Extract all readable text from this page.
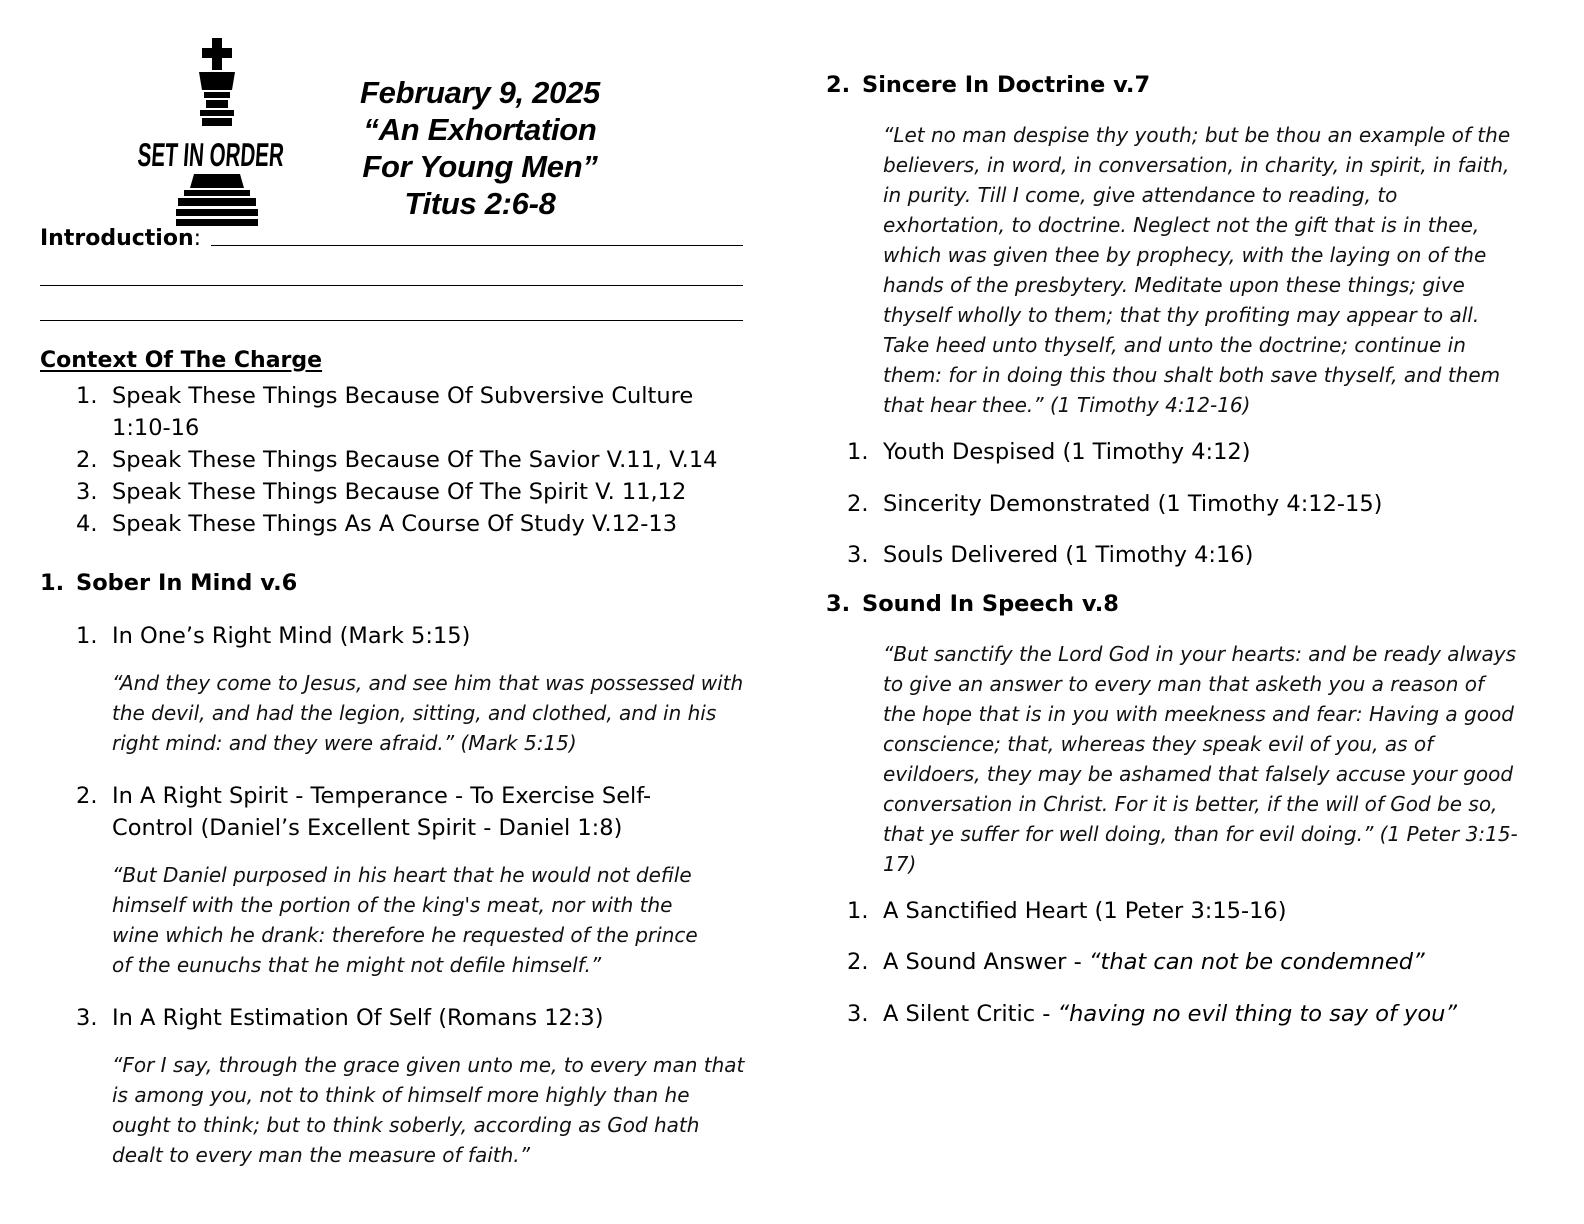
SET IN ORDER
February 9, 2025
“An Exhortation
For Young Men”
Titus 2:6-8
Introduction :
Context Of The Charge
1. Speak These Things Because Of Subversive Culture 1:10-16
2. Speak These Things Because Of The Savior V.11, V.14
3. Speak These Things Because Of The Spirit V. 11,12
4. Speak These Things As A Course Of Study V.12-13
1. Sober In Mind v.6
1. In One’s Right Mind (Mark 5:15)
“And they come to Jesus, and see him that was possessed with the devil, and had the legion, sitting, and clothed, and in his right mind: and they were afraid.” (Mark 5:15)
2. In A Right Spirit - Temperance - To Exercise Self-Control (Daniel’s Excellent Spirit - Daniel 1:8)
“But Daniel purposed in his heart that he would not defile himself with the portion of the king's meat, nor with the wine which he drank: therefore he requested of the prince of the eunuchs that he might not defile himself.”
3. In A Right Estimation Of Self (Romans 12:3)
“For I say, through the grace given unto me, to every man that is among you, not to think of himself more highly than he ought to think; but to think soberly, according as God hath dealt to every man the measure of faith.”
2. Sincere In Doctrine v.7
“Let no man despise thy youth; but be thou an example of the believers, in word, in conversation, in charity, in spirit, in faith, in purity. Till I come, give attendance to reading, to exhortation, to doctrine. Neglect not the gift that is in thee, which was given thee by prophecy, with the laying on of the hands of the presbytery. Meditate upon these things; give thyself wholly to them; that thy profiting may appear to all. Take heed unto thyself, and unto the doctrine; continue in them: for in doing this thou shalt both save thyself, and them that hear thee.” (1 Timothy 4:12-16)
1. Youth Despised (1 Timothy 4:12)
2. Sincerity Demonstrated (1 Timothy 4:12-15)
3. Souls Delivered (1 Timothy 4:16)
3. Sound In Speech v.8
“But sanctify the Lord God in your hearts: and be ready always to give an answer to every man that asketh you a reason of the hope that is in you with meekness and fear: Having a good conscience; that, whereas they speak evil of you, as of evildoers, they may be ashamed that falsely accuse your good conversation in Christ. For it is better, if the will of God be so, that ye suffer for well doing, than for evil doing.” (1 Peter 3:15-17)
1. A Sanctified Heart (1 Peter 3:15-16)
2. A Sound Answer - “that can not be condemned”
3. A Silent Critic - “having no evil thing to say of you”
